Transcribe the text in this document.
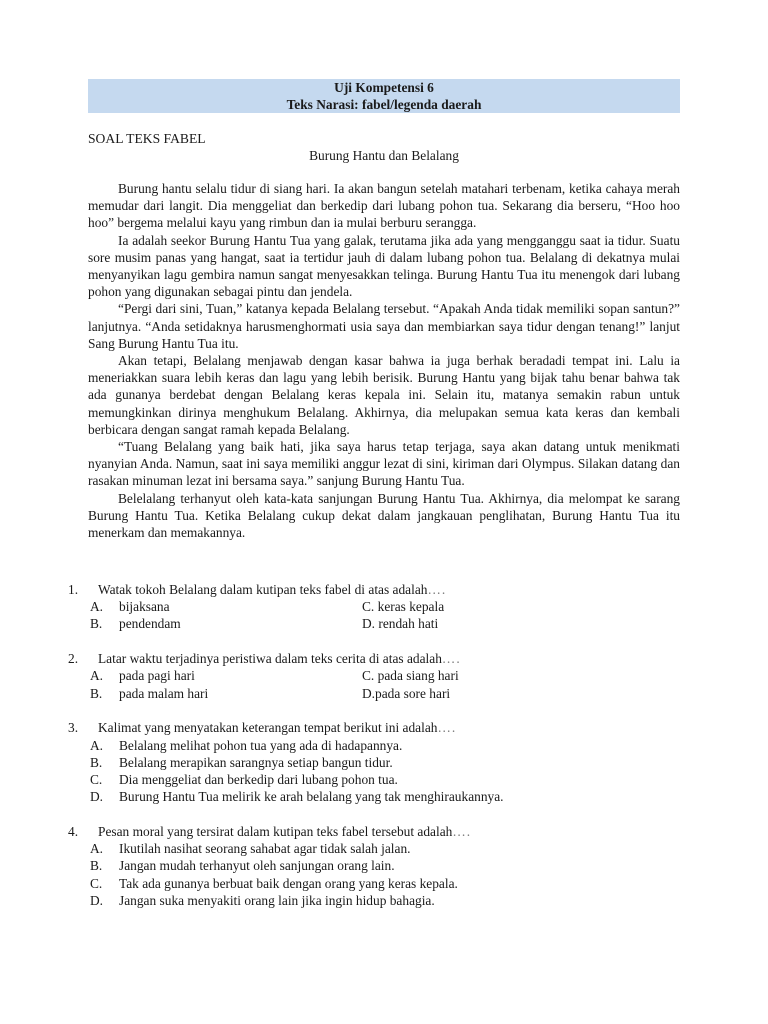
Uji Kompetensi 6
Teks Narasi: fabel/legenda daerah
SOAL TEKS FABEL
Burung Hantu dan Belalang

Burung hantu selalu tidur di siang hari. Ia akan bangun setelah matahari terbenam, ketika cahaya merah memudar dari langit. Dia menggeliat dan berkedip dari lubang pohon tua. Sekarang dia berseru, “Hoo hoo hoo” bergema melalui kayu yang rimbun dan ia mulai berburu serangga.

Ia adalah seekor Burung Hantu Tua yang galak, terutama jika ada yang mengganggu saat ia tidur. Suatu sore musim panas yang hangat, saat ia tertidur jauh di dalam lubang pohon tua. Belalang di dekatnya mulai menyanyikan lagu gembira namun sangat menyesakkan telinga. Burung Hantu Tua itu menengok dari lubang pohon yang digunakan sebagai pintu dan jendela.

“Pergi dari sini, Tuan,” katanya kepada Belalang tersebut. “Apakah Anda tidak memiliki sopan santun?” lanjutnya. “Anda setidaknya harusmenghormati usia saya dan membiarkan saya tidur dengan tenang!” lanjut Sang Burung Hantu Tua itu.

Akan tetapi, Belalang menjawab dengan kasar bahwa ia juga berhak beradadi tempat ini. Lalu ia meneriakkan suara lebih keras dan lagu yang lebih berisik. Burung Hantu yang bijak tahu benar bahwa tak ada gunanya berdebat dengan Belalang keras kepala ini. Selain itu, matanya semakin rabun untuk memungkinkan dirinya menghukum Belalang. Akhirnya, dia melupakan semua kata keras dan kembali berbicara dengan sangat ramah kepada Belalang.

“Tuang Belalang yang baik hati, jika saya harus tetap terjaga, saya akan datang untuk menikmati nyanyian Anda. Namun, saat ini saya memiliki anggur lezat di sini, kiriman dari Olympus. Silakan datang dan rasakan minuman lezat ini bersama saya.” sanjung Burung Hantu Tua.

Belelalang terhanyut oleh kata-kata sanjungan Burung Hantu Tua. Akhirnya, dia melompat ke sarang Burung Hantu Tua. Ketika Belalang cukup dekat dalam jangkauan penglihatan, Burung Hantu Tua itu menerkam dan memakannya.

1.	Watak tokoh Belalang dalam kutipan teks fabel di atas adalah….
A.	bijaksana	C. keras kepala
B.	pendendam	D. rendah hati
2.	Latar waktu terjadinya peristiwa dalam teks cerita di atas adalah….
A.	pada pagi hari	C. pada siang hari
B.	pada malam hari	D.pada sore hari
3.	Kalimat yang menyatakan keterangan tempat berikut ini adalah….
A.	Belalang melihat pohon tua yang ada di hadapannya.
B.	Belalang merapikan sarangnya setiap bangun tidur.
C.	Dia menggeliat dan berkedip dari lubang pohon tua.
D.	Burung Hantu Tua melirik ke arah belalang yang tak menghiraukannya.
4.	Pesan moral yang tersirat dalam kutipan teks fabel tersebut adalah….
A.	Ikutilah nasihat seorang sahabat agar tidak salah jalan.
B.	Jangan mudah terhanyut oleh sanjungan orang lain.
C.	Tak ada gunanya berbuat baik dengan orang yang keras kepala.
D.	Jangan suka menyakiti orang lain jika ingin hidup bahagia.
